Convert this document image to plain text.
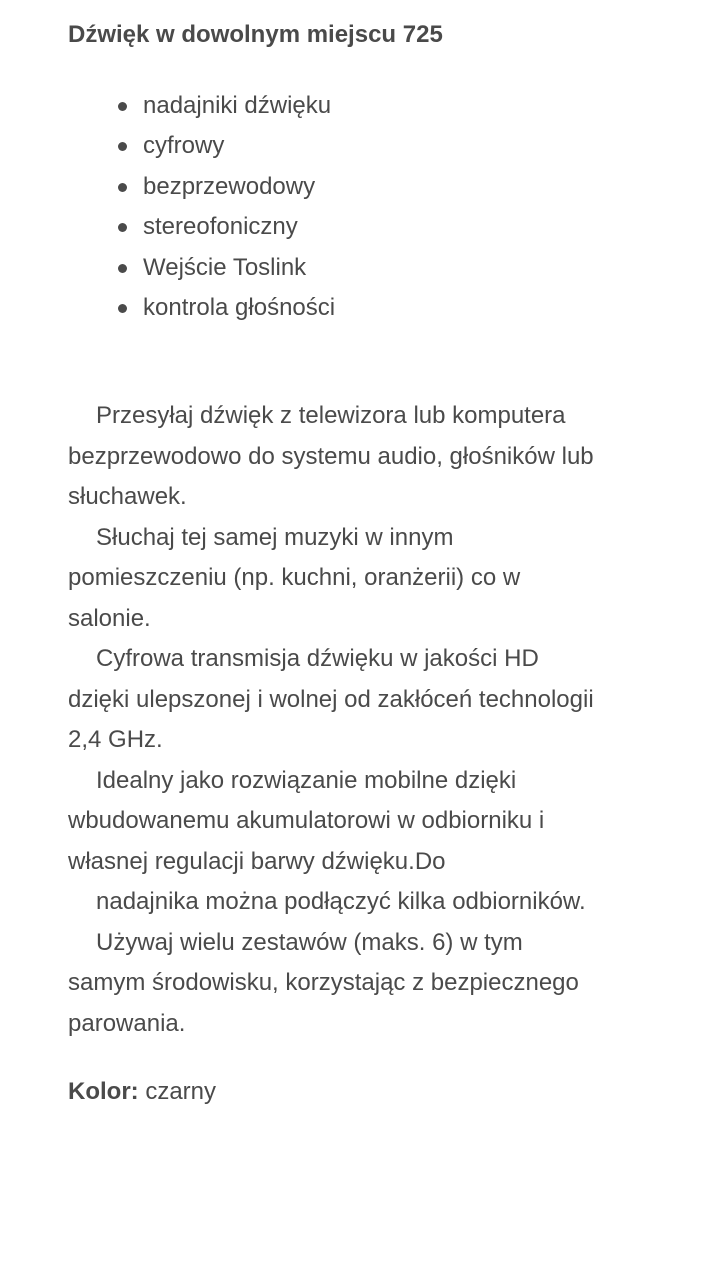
Dźwięk w dowolnym miejscu 725
nadajniki dźwięku
cyfrowy
bezprzewodowy
stereofoniczny
Wejście Toslink
kontrola głośności
Przesyłaj dźwięk z telewizora lub komputera
bezprzewodowo do systemu audio, głośników lub
słuchawek.
Słuchaj tej samej muzyki w innym
pomieszczeniu (np. kuchni, oranżerii) co w
salonie.
Cyfrowa transmisja dźwięku w jakości HD
dzięki ulepszonej i wolnej od zakłóceń technologii
2,4 GHz.
Idealny jako rozwiązanie mobilne dzięki
wbudowanemu akumulatorowi w odbiorniku i
własnej regulacji barwy dźwięku.Do
nadajnika można podłączyć kilka odbiorników.
Używaj wielu zestawów (maks. 6) w tym
samym środowisku, korzystając z bezpiecznego
parowania.

Kolor: czarny
